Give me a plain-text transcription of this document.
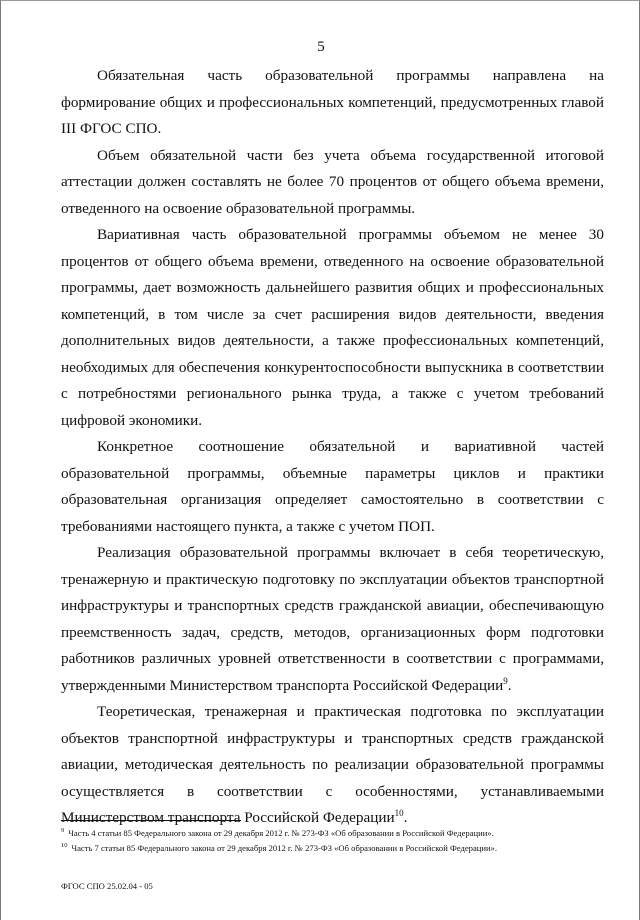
5

Обязательная часть образовательной программы направлена на формирование общих и профессиональных компетенций, предусмотренных главой III ФГОС СПО.

Объем обязательной части без учета объема государственной итоговой аттестации должен составлять не более 70 процентов от общего объема времени, отведенного на освоение образовательной программы.

Вариативная часть образовательной программы объемом не менее 30 процентов от общего объема времени, отведенного на освоение образовательной программы, дает возможность дальнейшего развития общих и профессиональных компетенций, в том числе за счет расширения видов деятельности, введения дополнительных видов деятельности, а также профессиональных компетенций, необходимых для обеспечения конкурентоспособности выпускника в соответствии с потребностями регионального рынка труда, а также с учетом требований цифровой экономики.

Конкретное соотношение обязательной и вариативной частей образовательной программы, объемные параметры циклов и практики образовательная организация определяет самостоятельно в соответствии с требованиями настоящего пункта, а также с учетом ПОП.

Реализация образовательной программы включает в себя теоретическую, тренажерную и практическую подготовку по эксплуатации объектов транспортной инфраструктуры и транспортных средств гражданской авиации, обеспечивающую преемственность задач, средств, методов, организационных форм подготовки работников различных уровней ответственности в соответствии с программами, утвержденными Министерством транспорта Российской Федерации$^9$.

Теоретическая, тренажерная и практическая подготовка по эксплуатации объектов транспортной инфраструктуры и транспортных средств гражданской авиации, методическая деятельность по реализации образовательной программы осуществляется в соответствии с особенностями, устанавливаемыми Министерством транспорта Российской Федерации$^{10}$.

$^9$ Часть 4 статьи 85 Федерального закона от 29 декабря 2012 г. № 273-ФЗ «Об образовании в Российской Федерации».

$^{10}$ Часть 7 статьи 85 Федерального закона от 29 декабря 2012 г. № 273-ФЗ «Об образовании в Российской Федерации».

ФГОС СПО 25.02.04 - 05
